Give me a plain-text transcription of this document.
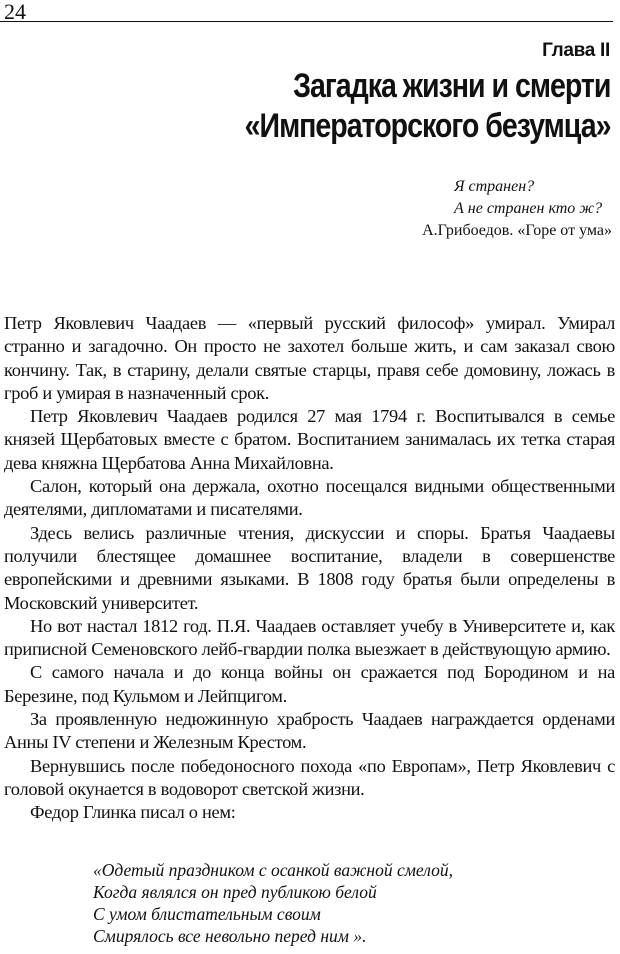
24
Глава II
Загадка жизни и смерти
«Императорского безумца»
Я странен?
А не странен кто ж?
А.Грибоедов. «Горе от ума»

Петр Яковлевич Чаадаев — «первый русский философ» умирал. Умирал странно и загадочно. Он просто не захотел больше жить, и сам заказал свою кончину. Так, в старину, делали святые старцы, правя себе домовину, ложась в гроб и умирая в назначенный срок.

Петр Яковлевич Чаадаев родился 27 мая 1794 г. Воспитывался в семье князей Щербатовых вместе с братом. Воспитанием занималась их тетка старая дева княжна Щербатова Анна Михайловна.

Салон, который она держала, охотно посещался видными общественными деятелями, дипломатами и писателями.

Здесь велись различные чтения, дискуссии и споры. Братья Чаадаевы получили блестящее домашнее воспитание, владели в совершенстве европейскими и древними языками. В 1808 году братья были определены в Московский университет.

Но вот настал 1812 год. П.Я. Чаадаев оставляет учебу в Университете и, как приписной Семеновского лейб-гвардии полка выезжает в действующую армию.

С самого начала и до конца войны он сражается под Бородином и на Березине, под Кульмом и Лейпцигом.

За проявленную недюжинную храбрость Чаадаев награждается орденами Анны IV степени и Железным Крестом.

Вернувшись после победоносного похода «по Европам», Петр Яковлевич с головой окунается в водоворот светской жизни.

Федор Глинка писал о нем:

«Одетый праздником с осанкой важной смелой,
Когда являлся он пред публикою белой
С умом блистательным своим
Смирялось все невольно перед ним ».
